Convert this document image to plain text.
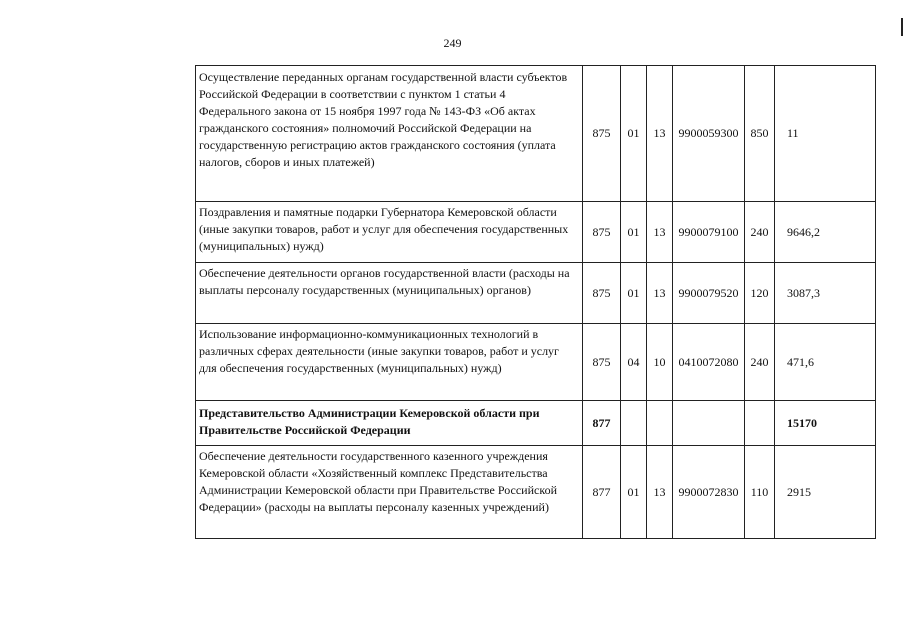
249
Осуществление переданных органам государственной власти субъектов Российской Федерации в соответствии с пунктом 1 статьи 4 Федерального закона от 15 ноября 1997 года № 143-ФЗ «Об актах гражданского состояния» полномочий Российской Федерации на государственную регистрацию актов гражданского состояния (уплата налогов, сборов и иных платежей)	875	01	13	9900059300	850	11
Поздравления и памятные подарки Губернатора Кемеровской области (иные закупки товаров, работ и услуг для обеспечения государственных (муниципальных) нужд)	875	01	13	9900079100	240	9646,2
Обеспечение деятельности органов государственной власти (расходы на выплаты персоналу государственных (муниципальных) органов)	875	01	13	9900079520	120	3087,3
Использование информационно-коммуникационных технологий в различных сферах деятельности (иные закупки товаров, работ и услуг для обеспечения государственных (муниципальных) нужд)	875	04	10	0410072080	240	471,6
Представительство Администрации Кемеровской области при Правительстве Российской Федерации	877					15170
Обеспечение деятельности государственного казенного учреждения Кемеровской области «Хозяйственный комплекс Представительства Администрации Кемеровской области при Правительстве Российской Федерации» (расходы на выплаты персоналу казенных учреждений)	877	01	13	9900072830	110	2915
